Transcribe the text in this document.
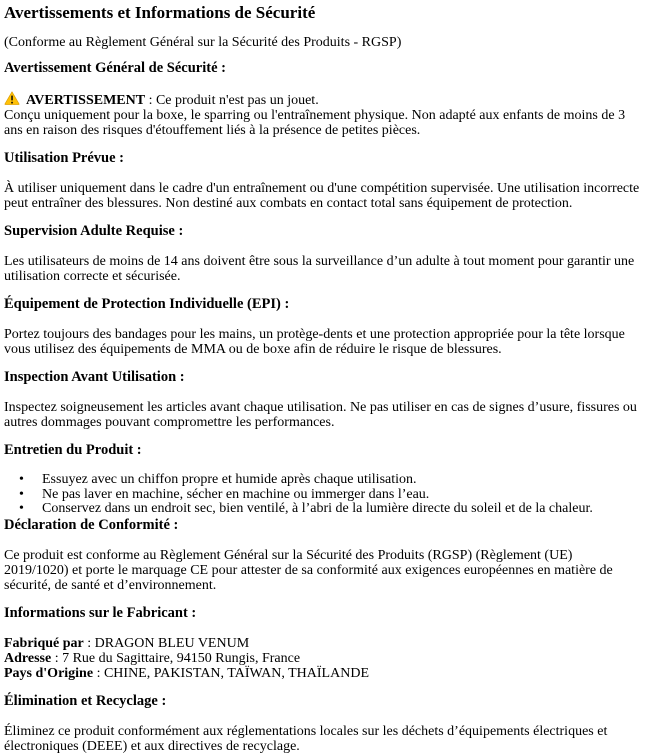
Avertissements et Informations de Sécurité

(Conforme au Règlement Général sur la Sécurité des Produits - RGSP)

Avertissement Général de Sécurité :

AVERTISSEMENT : Ce produit n'est pas un jouet.
Conçu uniquement pour la boxe, le sparring ou l'entraînement physique. Non adapté aux enfants de moins de 3 ans en raison des risques d'étouffement liés à la présence de petites pièces.

Utilisation Prévue :

À utiliser uniquement dans le cadre d'un entraînement ou d'une compétition supervisée. Une utilisation incorrecte peut entraîner des blessures. Non destiné aux combats en contact total sans équipement de protection.

Supervision Adulte Requise :

Les utilisateurs de moins de 14 ans doivent être sous la surveillance d’un adulte à tout moment pour garantir une utilisation correcte et sécurisée.

Équipement de Protection Individuelle (EPI) :

Portez toujours des bandages pour les mains, un protège-dents et une protection appropriée pour la tête lorsque vous utilisez des équipements de MMA ou de boxe afin de réduire le risque de blessures.

Inspection Avant Utilisation :

Inspectez soigneusement les articles avant chaque utilisation. Ne pas utiliser en cas de signes d’usure, fissures ou autres dommages pouvant compromettre les performances.

Entretien du Produit :
• Essuyez avec un chiffon propre et humide après chaque utilisation.
• Ne pas laver en machine, sécher en machine ou immerger dans l’eau.
• Conservez dans un endroit sec, bien ventilé, à l’abri de la lumière directe du soleil et de la chaleur.
Déclaration de Conformité :

Ce produit est conforme au Règlement Général sur la Sécurité des Produits (RGSP) (Règlement (UE) 2019/1020) et porte le marquage CE pour attester de sa conformité aux exigences européennes en matière de sécurité, de santé et d’environnement.

Informations sur le Fabricant :

Fabriqué par : DRAGON BLEU VENUM
Adresse : 7 Rue du Sagittaire, 94150 Rungis, France
Pays d'Origine : CHINE, PAKISTAN, TAÏWAN, THAÏLANDE

Élimination et Recyclage :

Éliminez ce produit conformément aux réglementations locales sur les déchets d’équipements électriques et électroniques (DEEE) et aux directives de recyclage.
